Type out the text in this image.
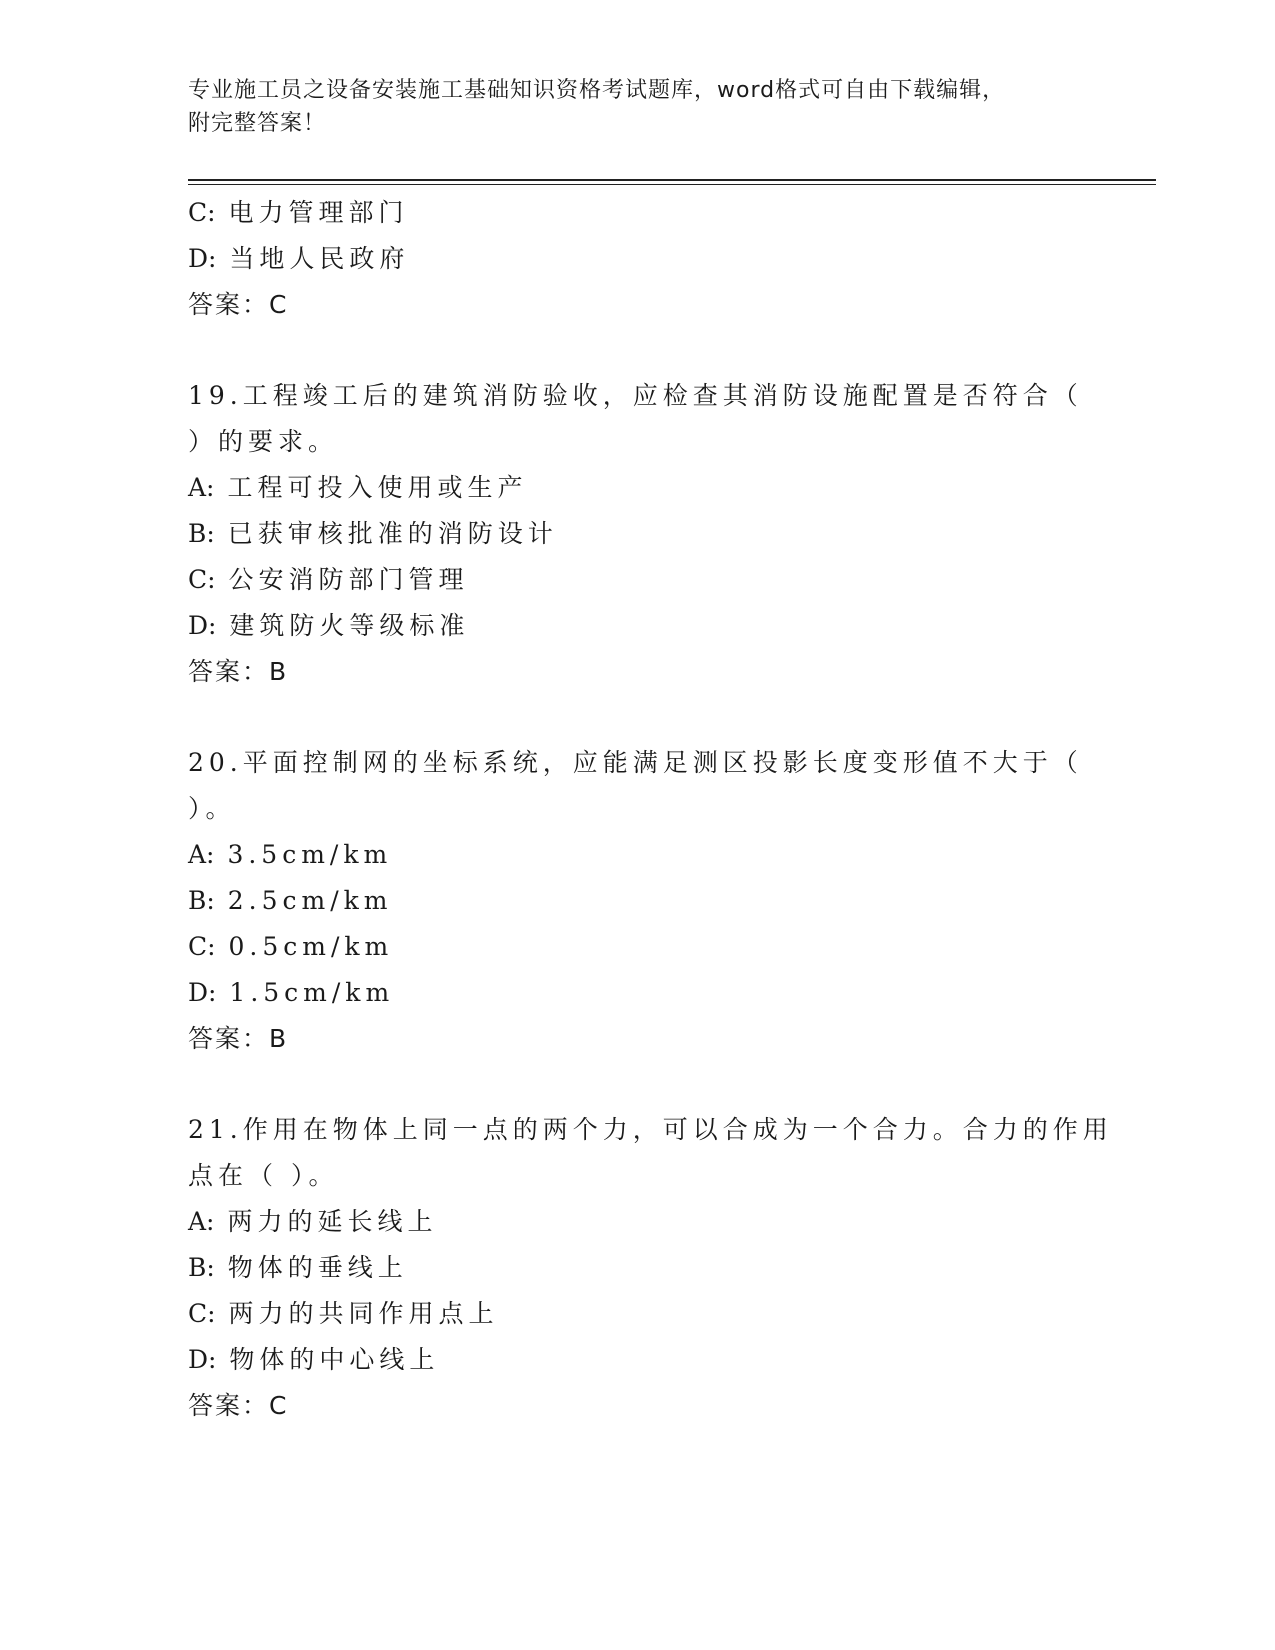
专业施工员之设备安装施工基础知识资格考试题库，word格式可自由下载编辑，
附完整答案！
C: 电力管理部门
D: 当地人民政府
答案：C
19.工程竣工后的建筑消防验收，应检查其消防设施配置是否符合（
）的要求。
A: 工程可投入使用或生产
B: 已获审核批准的消防设计
C: 公安消防部门管理
D: 建筑防火等级标准
答案：B
20.平面控制网的坐标系统，应能满足测区投影长度变形值不大于（
）。
A: 3.5cm/km
B: 2.5cm/km
C: 0.5cm/km
D: 1.5cm/km
答案：B
21.作用在物体上同一点的两个力，可以合成为一个合力。合力的作用
点在（ ）。
A: 两力的延长线上
B: 物体的垂线上
C: 两力的共同作用点上
D: 物体的中心线上
答案：C
